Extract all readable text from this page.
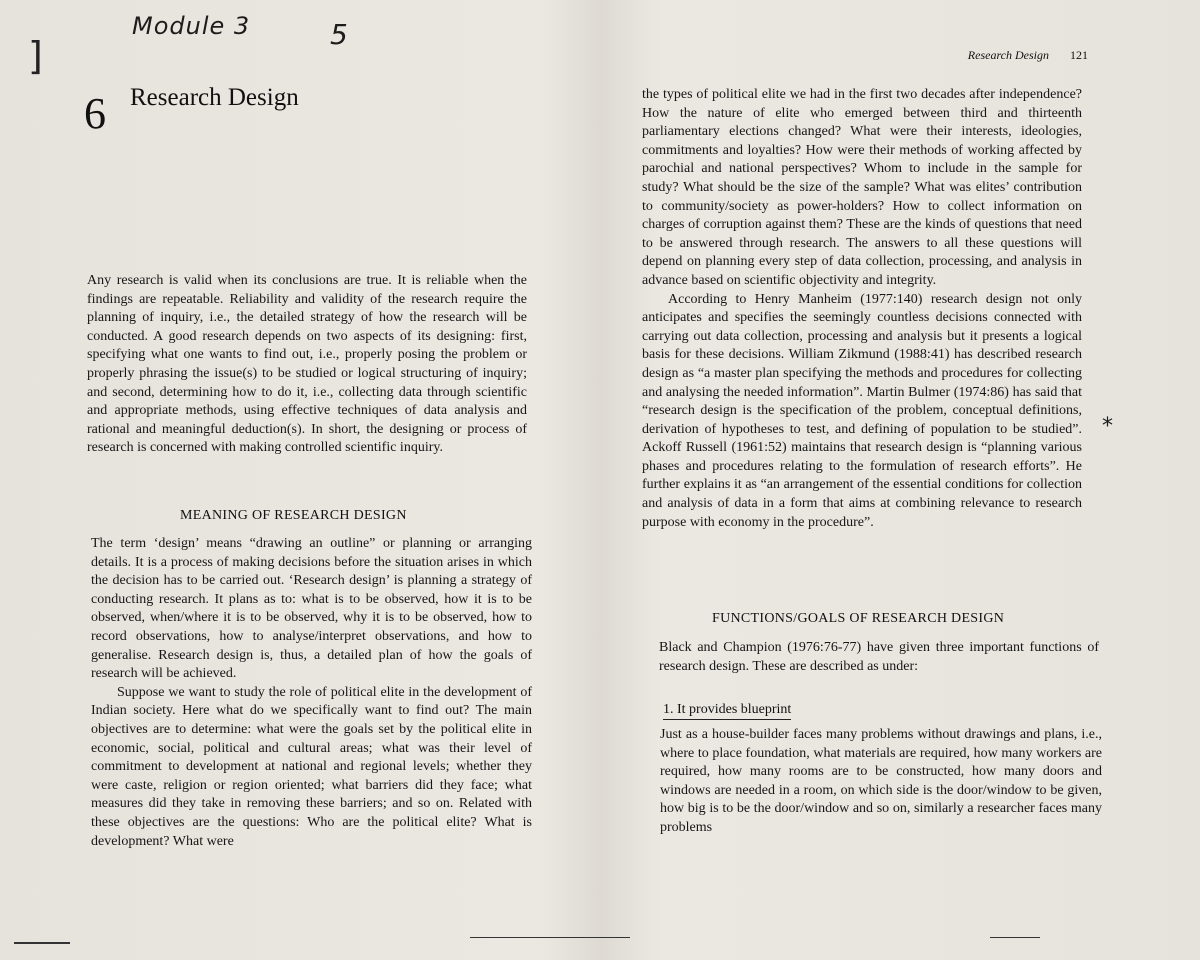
]
Module 3	5
6 Research Design

Any research is valid when its conclusions are true. It is reliable when the findings are repeatable. Reliability and validity of the research require the planning of inquiry, i.e., the detailed strategy of how the research will be conducted. A good research depends on two aspects of its designing: first, specifying what one wants to find out, i.e., properly posing the problem or properly phrasing the issue(s) to be studied or logical structuring of inquiry; and second, determining how to do it, i.e., collecting data through scientific and appropriate methods, using effective techniques of data analysis and rational and meaningful deduction(s). In short, the designing or process of research is concerned with making controlled scientific inquiry.

MEANING OF RESEARCH DESIGN

The term ‘design’ means “drawing an outline” or planning or arranging details. It is a process of making decisions before the situation arises in which the decision has to be carried out. ‘Research design’ is planning a strategy of conducting research. It plans as to: what is to be observed, how it is to be observed, when/where it is to be observed, why it is to be observed, how to record observations, how to analyse/interpret observations, and how to generalise. Research design is, thus, a detailed plan of how the goals of research will be achieved.

Suppose we want to study the role of political elite in the development of Indian society. Here what do we specifically want to find out? The main objectives are to determine: what were the goals set by the political elite in economic, social, political and cultural areas; what was their level of commitment to development at national and regional levels; whether they were caste, religion or region oriented; what barriers did they face; what measures did they take in removing these barriers; and so on. Related with these objectives are the questions: Who are the political elite? What is development? What were

Research Design 121

the types of political elite we had in the first two decades after independence? How the nature of elite who emerged between third and thirteenth parliamentary elections changed? What were their interests, ideologies, commitments and loyalties? How were their methods of working affected by parochial and national perspectives? Whom to include in the sample for study? What should be the size of the sample? What was elites’ contribution to community/society as power-holders? How to collect information on charges of corruption against them? These are the kinds of questions that need to be answered through research. The answers to all these questions will depend on planning every step of data collection, processing, and analysis in advance based on scientific objectivity and integrity.

According to Henry Manheim (1977:140) research design not only anticipates and specifies the seemingly countless decisions connected with carrying out data collection, processing and analysis but it presents a logical basis for these decisions. William Zikmund (1988:41) has described research design as “a master plan specifying the methods and procedures for collecting and analysing the needed information”. Martin Bulmer (1974:86) has said that “research design is the specification of the problem, conceptual definitions, derivation of hypotheses to test, and defining of population to be studied”. Ackoff Russell (1961:52) maintains that research design is “planning various phases and procedures relating to the formulation of research efforts”. He further explains it as “an arrangement of the essential conditions for collection and analysis of data in a form that aims at combining relevance to research purpose with economy in the procedure”.

FUNCTIONS/GOALS OF RESEARCH DESIGN

Black and Champion (1976:76-77) have given three important functions of research design. These are described as under:

1. It provides blueprint

Just as a house-builder faces many problems without drawings and plans, i.e., where to place foundation, what materials are required, how many workers are required, how many rooms are to be constructed, how many doors and windows are needed in a room, on which side is the door/window to be given, how big is to be the door/window and so on, similarly a researcher faces many problems

*
